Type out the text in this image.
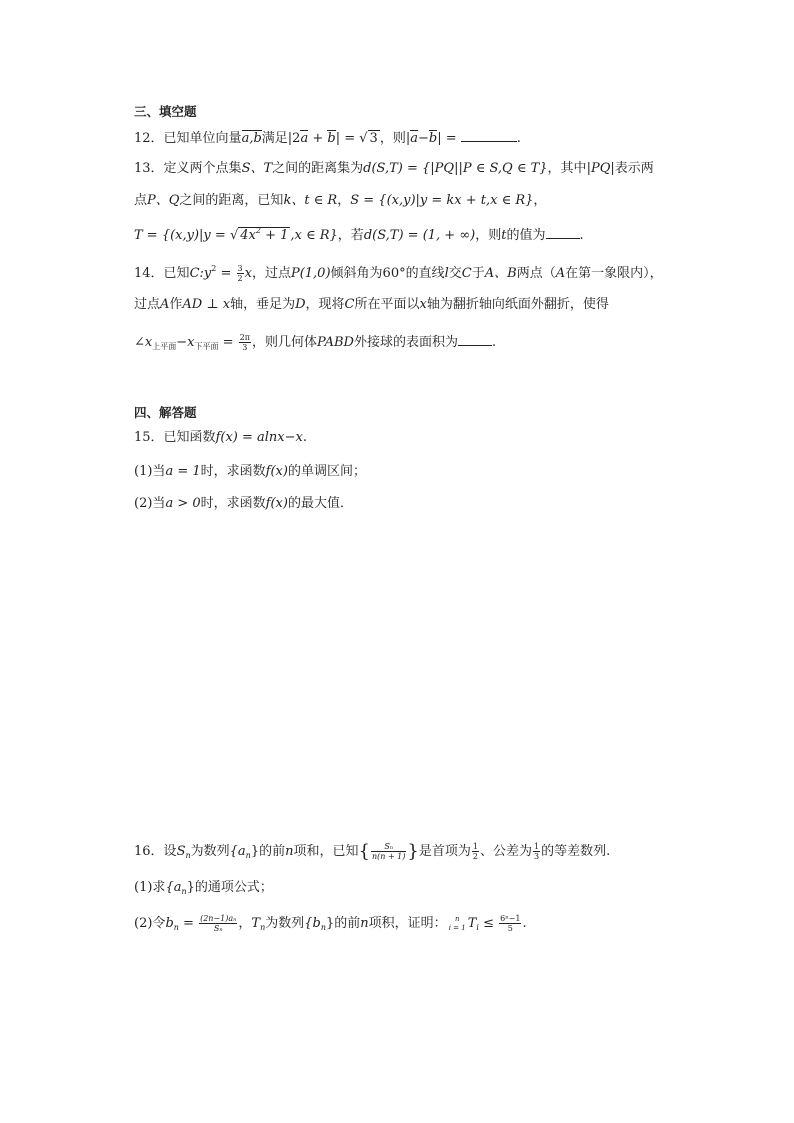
三、填空题
12．已知单位向量a,b满足|2a + b| = √ 3 ，则|a−b| =	.
13．定义两个点集S、T之间的距离集为d(S,T) = {|PQ||P ∈ S,Q ∈ T}，其中|PQ|表示两
点P、Q之间的距离，已知k、t ∈ R，S = {(x,y)|y = kx + t,x ∈ R}，
T = {(x,y)|y = √ $4x^2 + 1$ ,x ∈ R}，若d(S,T) = (1, + ∞)，则t的值为	.
14．已知$C:y^2 = \frac{3}{2}$ x，过点P(1,0)倾斜角为60°的直线l交C于A、B两点（A在第一象限内），
过点A作AD ⊥ x轴，垂足为D，现将C所在平面以x轴为翻折轴向纸面外翻折，使得
$\angle x_{上平面}-x_{下平面} = \frac{2\pi}{3}$ ，则几何体PABD外接球的表面积为	.
四、解答题
15．已知函数f(x) = alnx−x.
(1)当a = 1时，求函数f(x)的单调区间；
(2)当a > 0时，求函数f(x)的最大值．
16．设$S_n$为数列$\{a_n\}$的前n项和，已知{ $\frac{\text{Sₙ}}{n(n + 1)}$ }是首项为 $\frac{1}{2}$ 、公差为 $\frac{1}{3}$ 的等差数列.
(1)求$\{a_n\}$的通项公式；
(2)令$b_n = \frac{\text{(2n−1)aₙ}}{\text{Sₙ}}$ ，$T_n$为数列$\{b_n\}$的前n项积，证明：	n
i = 1 $T_i \le \frac{\text{6ⁿ−1}}{5}$ .
